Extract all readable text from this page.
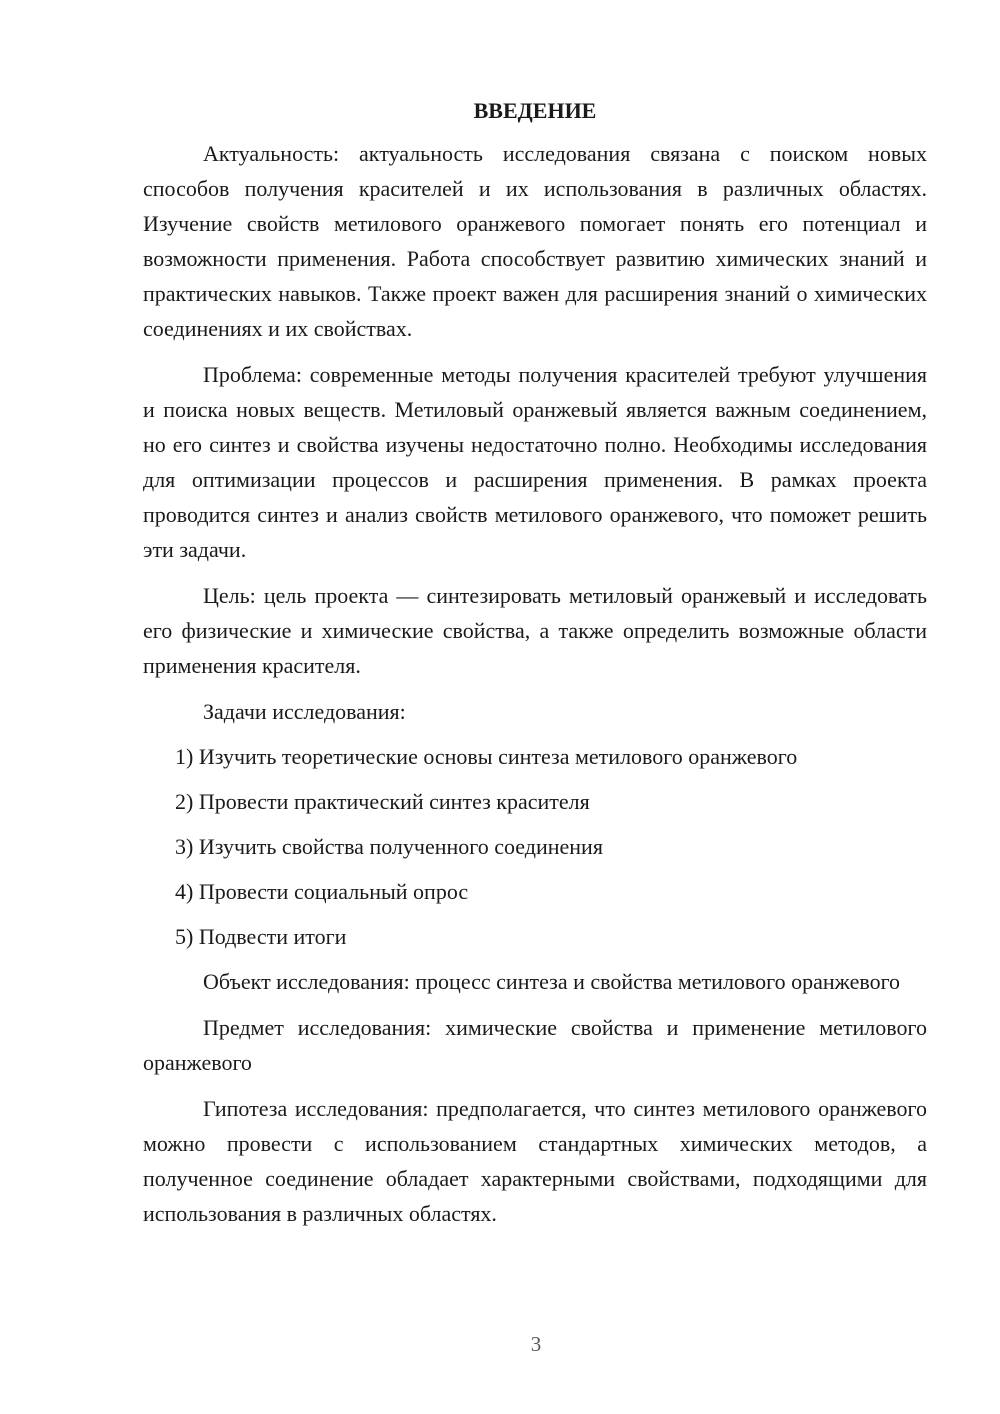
ВВЕДЕНИЕ

Актуальность: актуальность исследования связана с поиском новых способов получения красителей и их использования в различных областях. Изучение свойств метилового оранжевого помогает понять его потенциал и возможности применения. Работа способствует развитию химических знаний и практических навыков. Также проект важен для расширения знаний о химических соединениях и их свойствах.

Проблема: современные методы получения красителей требуют улучшения и поиска новых веществ. Метиловый оранжевый является важным соединением, но его синтез и свойства изучены недостаточно полно. Необходимы исследования для оптимизации процессов и расширения применения. В рамках проекта проводится синтез и анализ свойств метилового оранжевого, что поможет решить эти задачи.

Цель: цель проекта — синтезировать метиловый оранжевый и исследовать его физические и химические свойства, а также определить возможные области применения красителя.

Задачи исследования:

1) Изучить теоретические основы синтеза метилового оранжевого
2) Провести практический синтез красителя
3) Изучить свойства полученного соединения
4) Провести социальный опрос
5) Подвести итоги

Объект исследования: процесс синтеза и свойства метилового оранжевого

Предмет исследования: химические свойства и применение метилового оранжевого

Гипотеза исследования: предполагается, что синтез метилового оранжевого можно провести с использованием стандартных химических методов, а полученное соединение обладает характерными свойствами, подходящими для использования в различных областях.

3
